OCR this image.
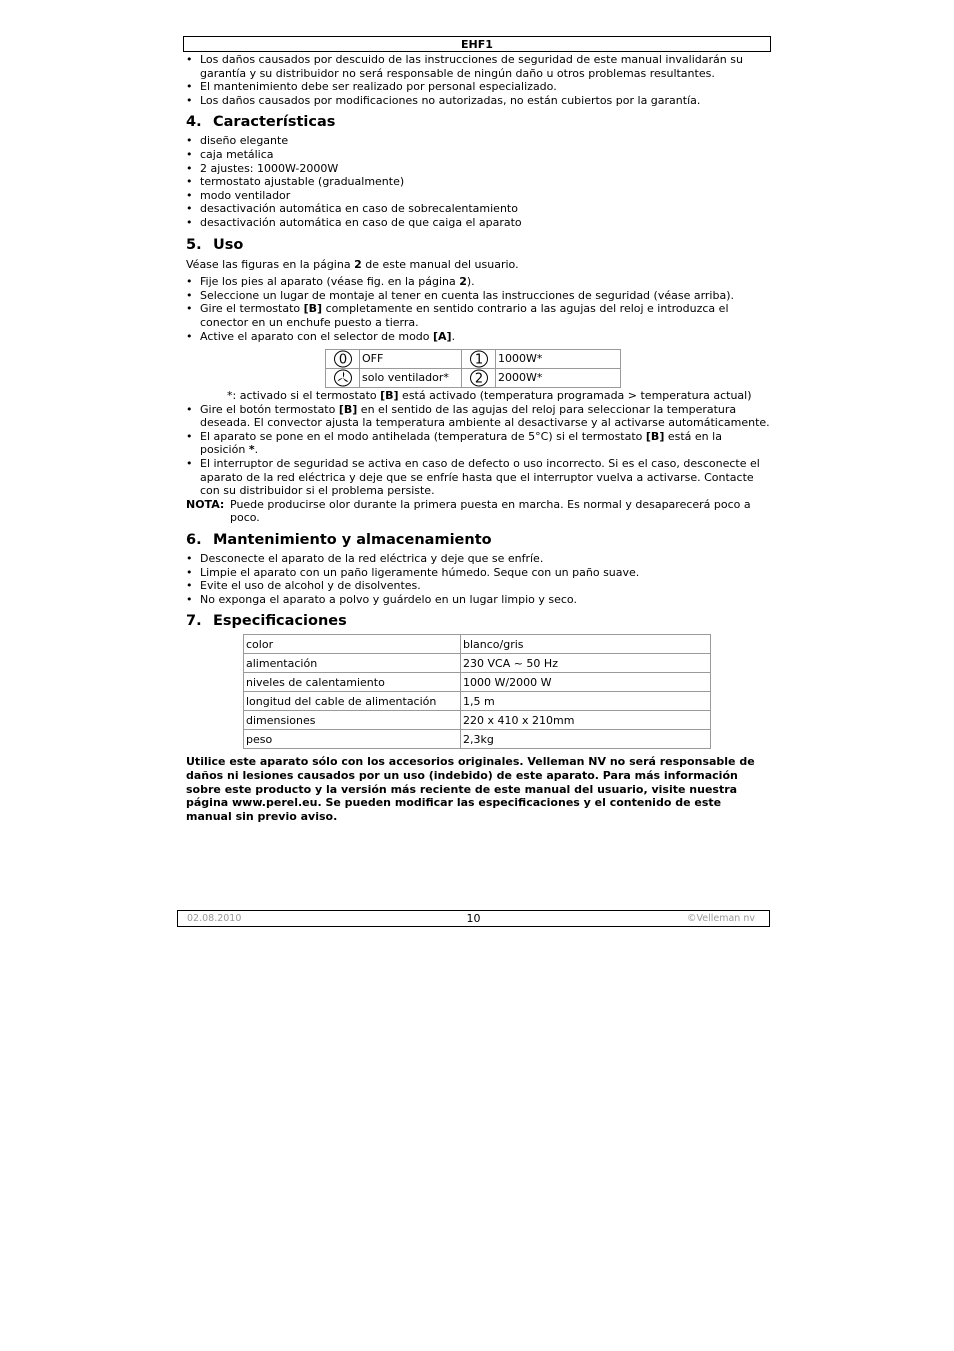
EHF1
• Los daños causados por descuido de las instrucciones de seguridad de este manual invalidarán su garantía y su distribuidor no será responsable de ningún daño u otros problemas resultantes.
• El mantenimiento debe ser realizado por personal especializado.
• Los daños causados por modificaciones no autorizadas, no están cubiertos por la garantía.
4. Características
• diseño elegante
• caja metálica
• 2 ajustes: 1000W-2000W
• termostato ajustable (gradualmente)
• modo ventilador
• desactivación automática en caso de sobrecalentamiento
• desactivación automática en caso de que caiga el aparato
5. Uso

Véase las figuras en la página 2 de este manual del usuario.

• Fije los pies al aparato (véase fig. en la página 2).
• Seleccione un lugar de montaje al tener en cuenta las instrucciones de seguridad (véase arriba).
• Gire el termostato [B] completamente en sentido contrario a las agujas del reloj e introduzca el conector en un enchufe puesto a tierra.
• Active el aparato con el selector de modo [A].
0	OFF	1	1000W*

	solo ventilador*	2	2000W*

*: activado si el termostato [B] está activado (temperatura programada > temperatura actual)

• Gire el botón termostato [B] en el sentido de las agujas del reloj para seleccionar la temperatura deseada. El convector ajusta la temperatura ambiente al desactivarse y al activarse automáticamente.
• El aparato se pone en el modo antihelada (temperatura de 5°C) si el termostato [B] está en la posición *.
• El interruptor de seguridad se activa en caso de defecto o uso incorrecto. Si es el caso, desconecte el aparato de la red eléctrica y deje que se enfríe hasta que el interruptor vuelva a activarse. Contacte con su distribuidor si el problema persiste.
NOTA: Puede producirse olor durante la primera puesta en marcha. Es normal y desaparecerá poco a poco.
6. Mantenimiento y almacenamiento
• Desconecte el aparato de la red eléctrica y deje que se enfríe.
• Limpie el aparato con un paño ligeramente húmedo. Seque con un paño suave.
• Evite el uso de alcohol y de disolventes.
• No exponga el aparato a polvo y guárdelo en un lugar limpio y seco.
7. Especificaciones
color	blanco/gris
alimentación	230 VCA ~ 50 Hz
niveles de calentamiento	1000 W/2000 W
longitud del cable de alimentación	1,5 m
dimensiones	220 x 410 x 210mm
peso	2,3kg

Utilice este aparato sólo con los accesorios originales. Velleman NV no será responsable de daños ni lesiones causados por un uso (indebido) de este aparato. Para más información sobre este producto y la versión más reciente de este manual del usuario, visite nuestra página www.perel.eu. Se pueden modificar las especificaciones y el contenido de este manual sin previo aviso.

02.08.2010	10	©Velleman nv
